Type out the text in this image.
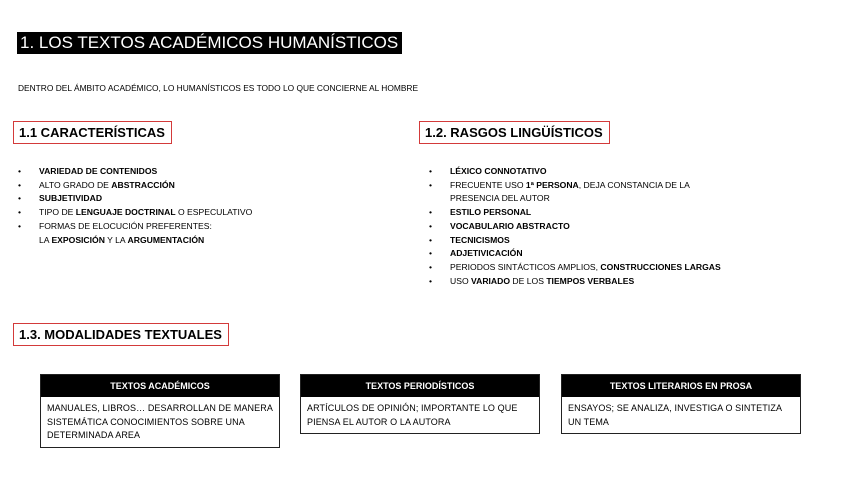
1. LOS TEXTOS ACADÉMICOS HUMANÍSTICOS
DENTRO DEL ÁMBITO ACADÉMICO, LO HUMANÍSTICOS ES TODO LO QUE CONCIERNE AL HOMBRE
1.1 CARACTERÍSTICAS
• VARIEDAD DE CONTENIDOS
• ALTO GRADO DE ABSTRACCIÓN
• SUBJETIVIDAD
• TIPO DE LENGUAJE DOCTRINAL O ESPECULATIVO
• FORMAS DE ELOCUCIÓN PREFERENTES:
LA EXPOSICIÓN Y LA ARGUMENTACIÓN
1.2. RASGOS LINGÜÍSTICOS
• LÉXICO CONNOTATIVO
• FRECUENTE USO 1ª PERSONA, DEJA CONSTANCIA DE LA
PRESENCIA DEL AUTOR
• ESTILO PERSONAL
• VOCABULARIO ABSTRACTO
• TECNICISMOS
• ADJETIVICACIÓN
• PERIODOS SINTÁCTICOS AMPLIOS, CONSTRUCCIONES LARGAS
• USO VARIADO DE LOS TIEMPOS VERBALES
1.3. MODALIDADES TEXTUALES
TEXTOS ACADÉMICOS
MANUALES, LIBROS… DESARROLLAN DE MANERA SISTEMÁTICA CONOCIMIENTOS SOBRE UNA DETERMINADA AREA
TEXTOS PERIODÍSTICOS
ARTÍCULOS DE OPINIÓN; IMPORTANTE LO QUE PIENSA EL AUTOR O LA AUTORA
TEXTOS LITERARIOS EN PROSA
ENSAYOS; SE ANALIZA, INVESTIGA O SINTETIZA UN TEMA
